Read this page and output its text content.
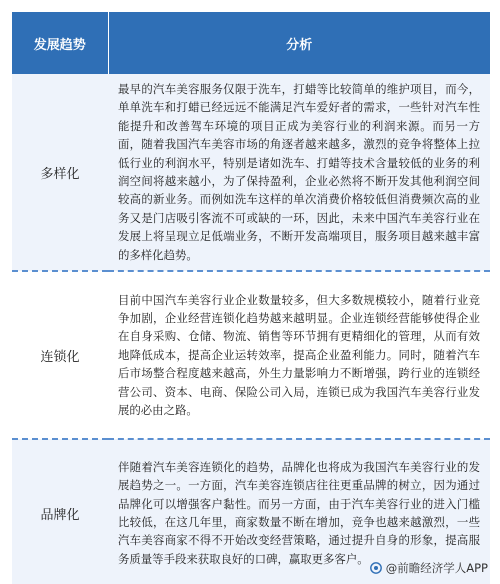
发展趋势	分析
多样化	最早的汽车美容服务仅限于洗车，打蜡等比较简单的维护项目，而今，单单洗车和打蜡已经远远不能满足汽车爱好者的需求，一些针对汽车性能提升和改善驾车环境的项目正成为美容行业的利润来源。而另一方面，随着我国汽车美容市场的角逐者越来越多，激烈的竞争将整体上拉低行业的利润水平，特别是诸如洗车、打蜡等技术含量较低的业务的利润空间将越来越小，为了保持盈利，企业必然将不断开发其他利润空间较高的新业务。而例如洗车这样的单次消费价格较低但消费频次高的业务又是门店吸引客流不可或缺的一环，因此，未来中国汽车美容行业在发展上将呈现立足低端业务，不断开发高端项目，服务项目越来越丰富的多样化趋势。
连锁化	目前中国汽车美容行业企业数量较多，但大多数规模较小，随着行业竞争加剧，企业经营连锁化趋势越来越明显。企业连锁经营能够使得企业在自身采购、仓储、物流、销售等环节拥有更精细化的管理，从而有效地降低成本，提高企业运转效率，提高企业盈利能力。同时，随着汽车后市场整合程度越来越高，外生力量影响力不断增强，跨行业的连锁经营公司、资本、电商、保险公司入局，连锁已成为我国汽车美容行业发展的必由之路。
品牌化	伴随着汽车美容连锁化的趋势，品牌化也将成为我国汽车美容行业的发展趋势之一。一方面，汽车美容连锁店往往更重品牌的树立，因为通过品牌化可以增强客户黏性。而另一方面，由于汽车美容行业的进入门槛比较低，在这几年里，商家数量不断在增加，竞争也越来越激烈，一些汽车美容商家不得不开始改变经营策略，通过提升自身的形象，提高服务质量等手段来获取良好的口碑，赢取更多客户。
@前瞻经济学人APP
